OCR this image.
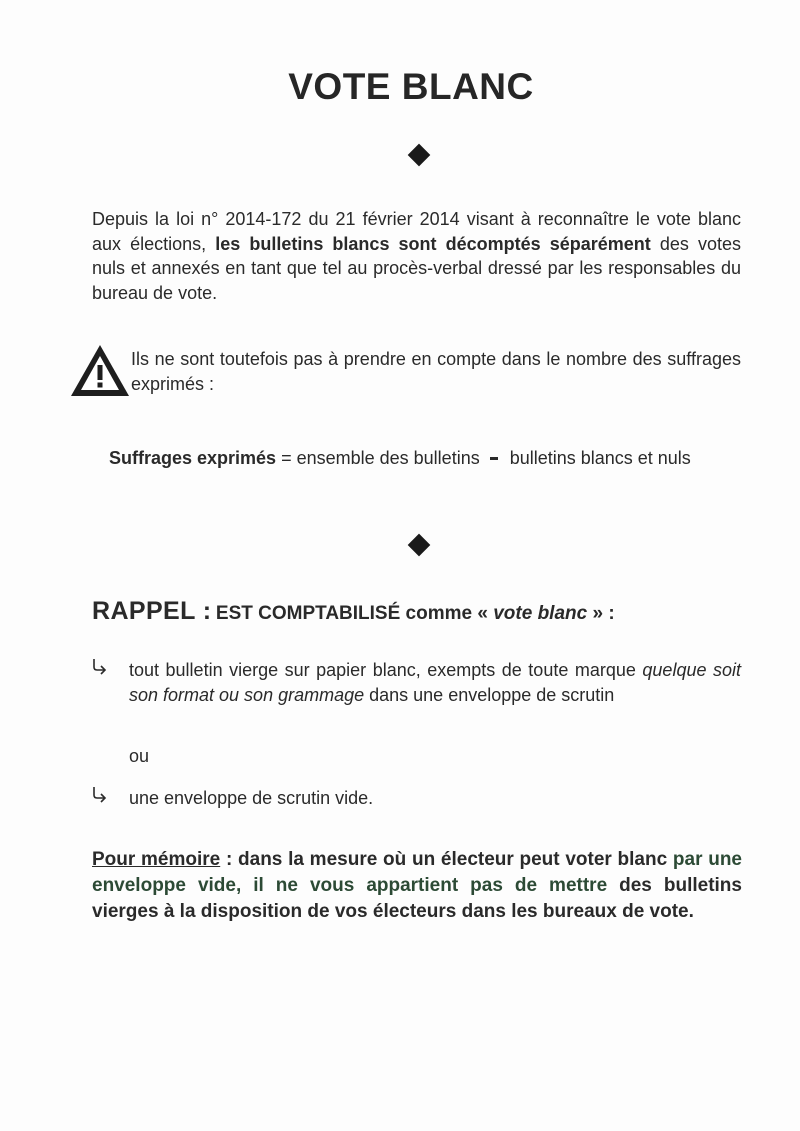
VOTE BLANC
Depuis la loi n° 2014-172 du 21 février 2014 visant à reconnaître le vote blanc aux élections, les bulletins blancs sont décomptés séparément des votes nuls et annexés en tant que tel au procès-verbal dressé par les responsables du bureau de vote.
Ils ne sont toutefois pas à prendre en compte dans le nombre des suffrages exprimés :
Suffrages exprimés = ensemble des bulletins bulletins blancs et nuls
RAPPEL : EST COMPTABILISÉ comme « vote blanc » :
tout bulletin vierge sur papier blanc, exempts de toute marque quelque soit son format ou son grammage dans une enveloppe de scrutin
ou
une enveloppe de scrutin vide.
Pour mémoire : dans la mesure où un électeur peut voter blanc par une enveloppe vide, il ne vous appartient pas de mettre des bulletins vierges à la disposition de vos électeurs dans les bureaux de vote.
